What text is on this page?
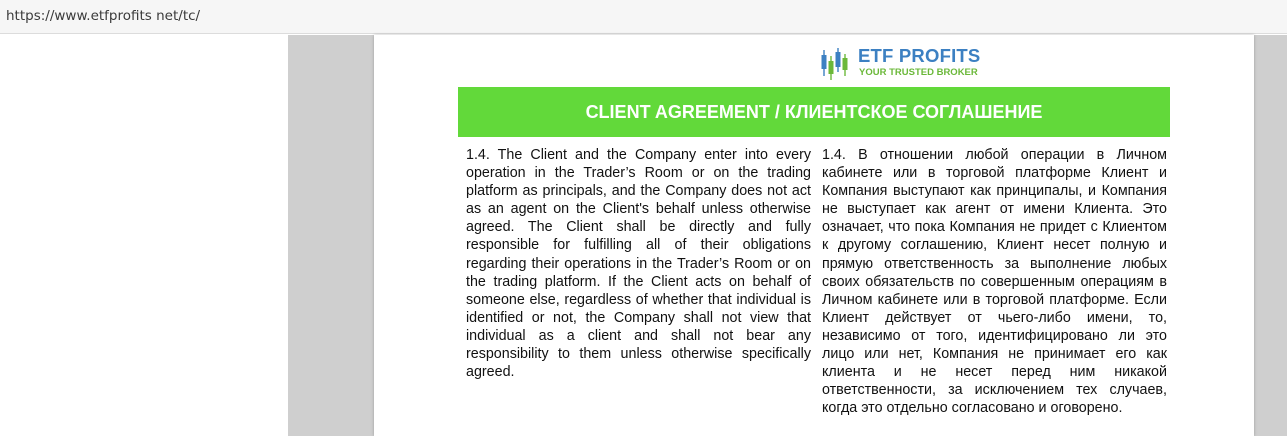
https://www.etfprofits net/tc/
ETF PROFITS
YOUR TRUSTED BROKER
CLIENT AGREEMENT / КЛИЕНТСКОЕ СОГЛАШЕНИЕ

1.4. The Client and the Company enter into every operation in the Trader’s Room or on the trading platform as principals, and the Company does not act as an agent on the Client's behalf unless otherwise agreed. The Client shall be directly and fully responsible for fulfilling all of their obligations regarding their operations in the Trader’s Room or on the trading platform. If the Client acts on behalf of someone else, regardless of whether that individual is identified or not, the Company shall not view that individual as a client and shall not bear any responsibility to them unless otherwise specifically agreed.

1.4. В отношении любой операции в Личном кабинете или в торговой платформе Клиент и Компания выступают как принципалы, и Компания не выступает как агент от имени Клиента. Это означает, что пока Компания не придет с Клиентом к другому соглашению, Клиент несет полную и прямую ответственность за выполнение любых своих обязательств по совершенным операциям в Личном кабинете или в торговой платформе. Если Клиент действует от чьего-либо имени, то, независимо от того, идентифицировано ли это лицо или нет, Компания не принимает его как клиента и не несет перед ним никакой ответственности, за исключением тех случаев, когда это отдельно согласовано и оговорено.
